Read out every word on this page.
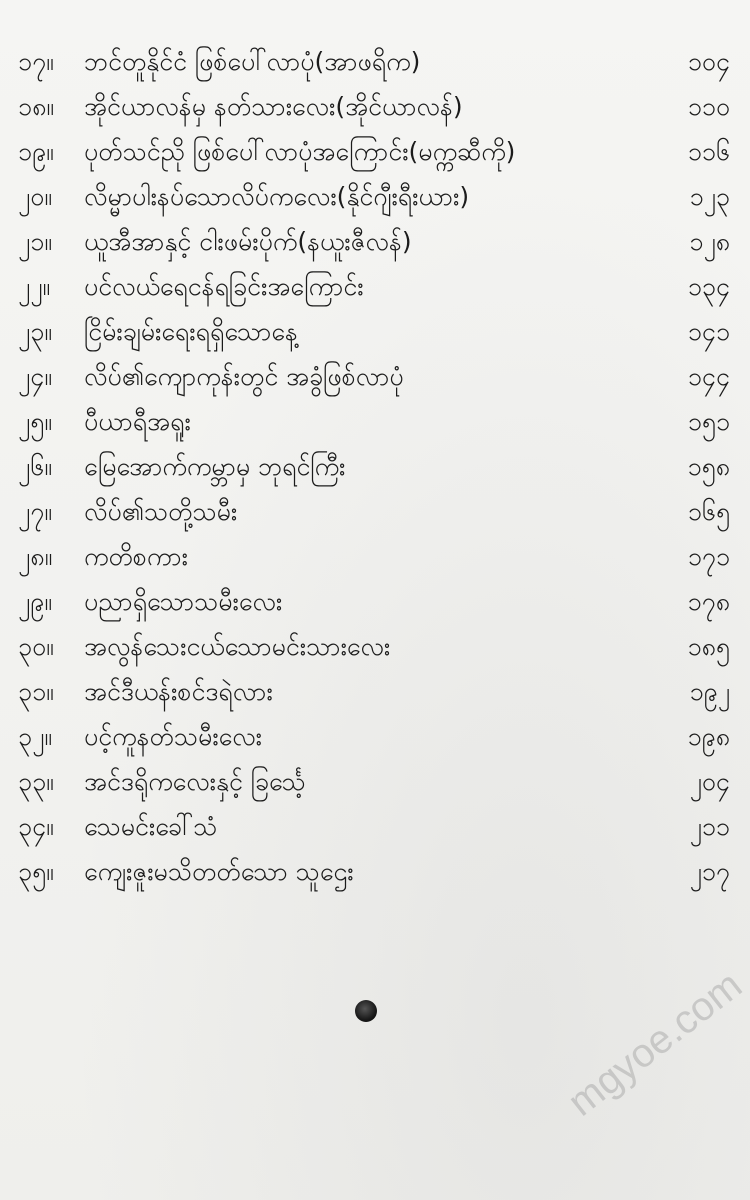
၁၇။	ဘင်တူနိုင်ငံ ဖြစ်ပေါ်လာပုံ(အာဖရိက)	၁၀၄
၁၈။	အိုင်ယာလန်မှ နတ်သားလေး(အိုင်ယာလန်)	၁၁၀
၁၉။	ပုတ်သင်ညို ဖြစ်ပေါ်လာပုံအကြောင်း(မက္ကဆီကို)	၁၁၆
၂၀။	လိမ္မာပါးနပ်သောလိပ်ကလေး(နိုင်ဂျီးရီးယား)	၁၂၃
၂၁။	ယူအီအာနှင့် ငါးဖမ်းပိုက်(နယူးဇီလန်)	၁၂၈
၂၂။	ပင်လယ်ရေငန်ရခြင်းအကြောင်း	၁၃၄
၂၃။	ငြိမ်းချမ်းရေးရရှိသောနေ့	၁၄၁
၂၄။	လိပ်၏ကျောကုန်းတွင် အခွံဖြစ်လာပုံ	၁၄၄
၂၅။	ပီယာရီအရူး	၁၅၁
၂၆။	မြေအောက်ကမ္ဘာမှ ဘုရင်ကြီး	၁၅၈
၂၇။	လိပ်၏သတို့သမီး	၁၆၅
၂၈။	ကတိစကား	၁၇၁
၂၉။	ပညာရှိသောသမီးလေး	၁၇၈
၃၀။	အလွန်သေးငယ်သောမင်းသားလေး	၁၈၅
၃၁။	အင်ဒီယန်းစင်ဒရဲလား	၁၉၂
၃၂။	ပင့်ကူနတ်သမီးလေး	၁၉၈
၃၃။	အင်ဒရိုကလေးနှင့် ခြင်္သေ့	၂၀၄
၃၄။	သေမင်းခေါ်သံ	၂၁၁
၃၅။	ကျေးဇူးမသိတတ်သော သူဌေး	၂၁၇
mgyoe.com
